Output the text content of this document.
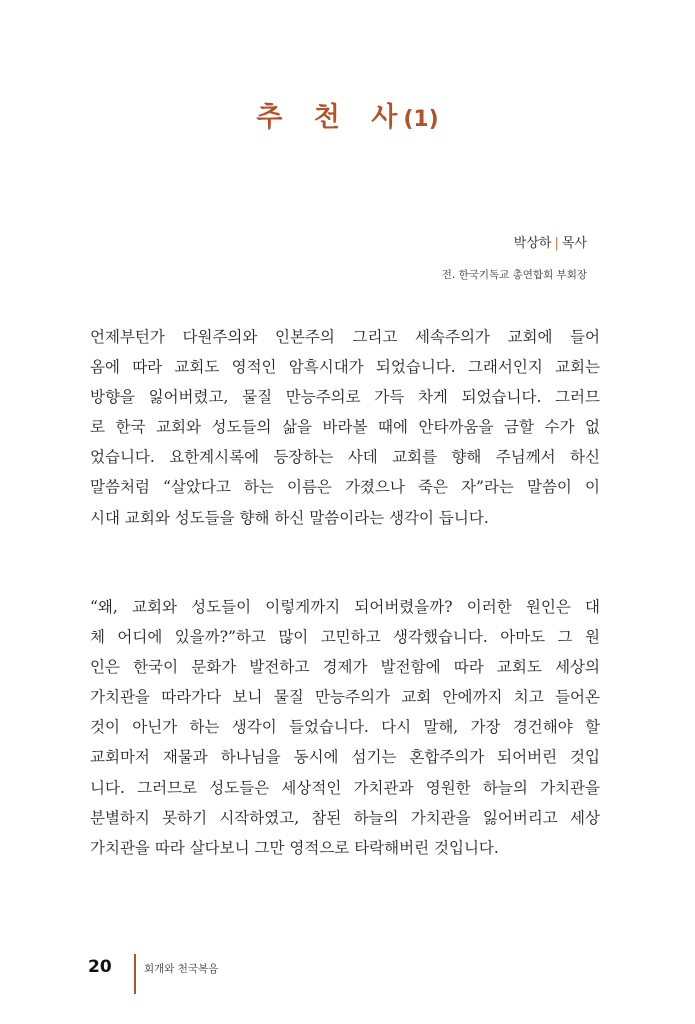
추 천 사(1)
박상하 | 목사
전. 한국기독교 총연합회 부회장

언제부턴가 다원주의와 인본주의 그리고 세속주의가 교회에 들어
옴에 따라 교회도 영적인 암흑시대가 되었습니다. 그래서인지 교회는
방향을 잃어버렸고, 물질 만능주의로 가득 차게 되었습니다. 그러므
로 한국 교회와 성도들의 삶을 바라볼 때에 안타까움을 금할 수가 없
었습니다. 요한계시록에 등장하는 사데 교회를 향해 주님께서 하신
말씀처럼 “살았다고 하는 이름은 가졌으나 죽은 자”라는 말씀이 이
시대 교회와 성도들을 향해 하신 말씀이라는 생각이 듭니다.

“왜, 교회와 성도들이 이렇게까지 되어버렸을까? 이러한 원인은 대
체 어디에 있을까?”하고 많이 고민하고 생각했습니다. 아마도 그 원
인은 한국이 문화가 발전하고 경제가 발전함에 따라 교회도 세상의
가치관을 따라가다 보니 물질 만능주의가 교회 안에까지 치고 들어온
것이 아닌가 하는 생각이 들었습니다. 다시 말해, 가장 경건해야 할
교회마저 재물과 하나님을 동시에 섬기는 혼합주의가 되어버린 것입
니다. 그러므로 성도들은 세상적인 가치관과 영원한 하늘의 가치관을
분별하지 못하기 시작하였고, 참된 하늘의 가치관을 잃어버리고 세상
가치관을 따라 살다보니 그만 영적으로 타락해버린 것입니다.

20	회개와 천국복음
